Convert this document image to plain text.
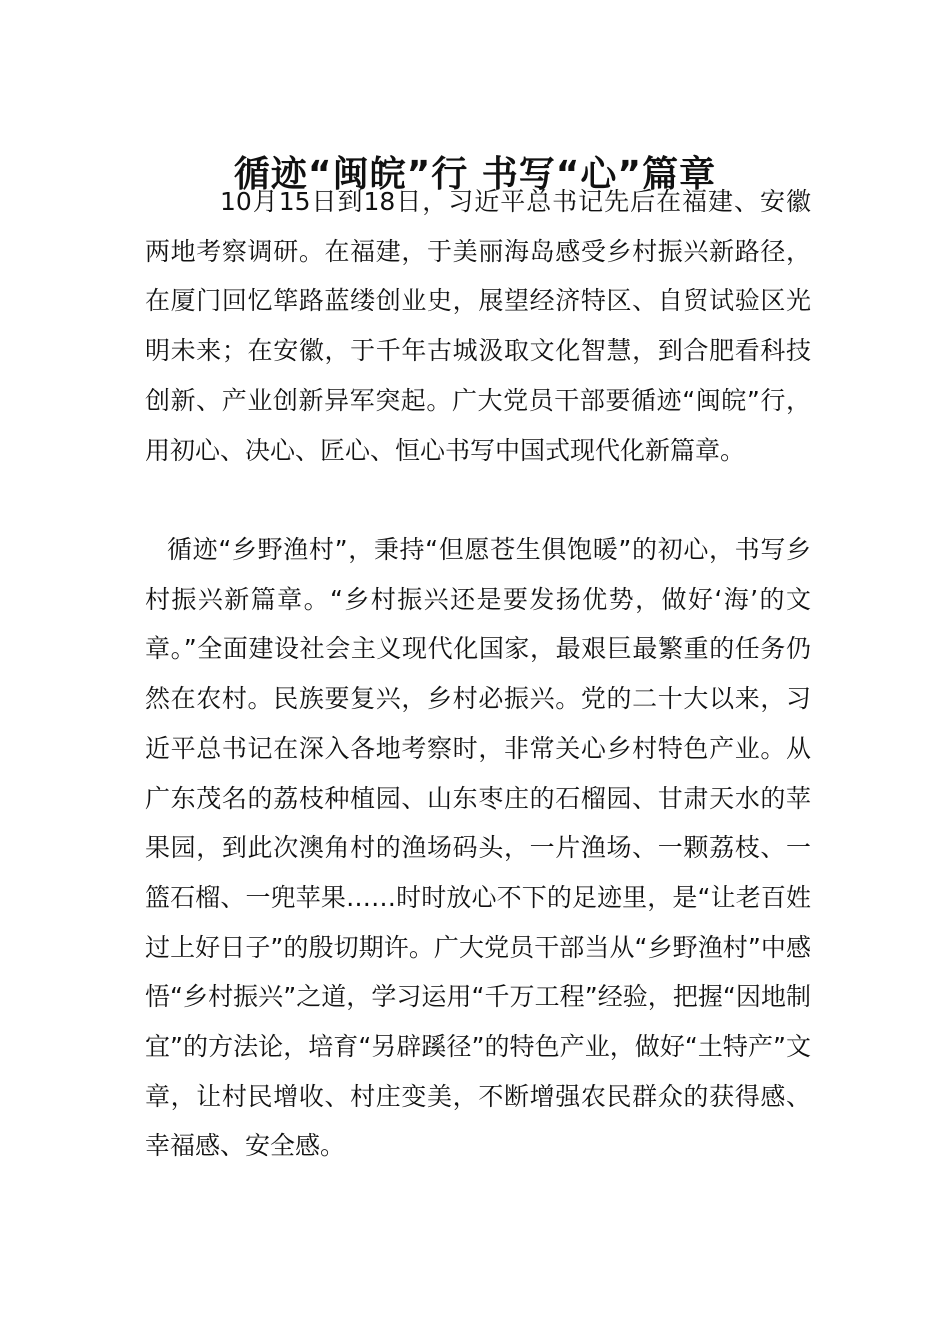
循迹“闽皖”行 书写“心”篇章

10月15日到18日，习近平总书记先后在福建、安徽两地考察调研。在福建，于美丽海岛感受乡村振兴新路径，在厦门回忆筚路蓝缕创业史，展望经济特区、自贸试验区光明未来；在安徽，于千年古城汲取文化智慧，到合肥看科技创新、产业创新异军突起。广大党员干部要循迹“闽皖”行，用初心、决心、匠心、恒心书写中国式现代化新篇章。

循迹“乡野渔村”，秉持“但愿苍生俱饱暖”的初心，书写乡村振兴新篇章。“乡村振兴还是要发扬优势，做好‘海’的文章。”全面建设社会主义现代化国家，最艰巨最繁重的任务仍然在农村。民族要复兴，乡村必振兴。党的二十大以来，习近平总书记在深入各地考察时，非常关心乡村特色产业。从广东茂名的荔枝种植园、山东枣庄的石榴园、甘肃天水的苹果园，到此次澳角村的渔场码头，一片渔场、一颗荔枝、一篮石榴、一兜苹果……时时放心不下的足迹里，是“让老百姓过上好日子”的殷切期许。广大党员干部当从“乡野渔村”中感悟“乡村振兴”之道，学习运用“千万工程”经验，把握“因地制宜”的方法论，培育“另辟蹊径”的特色产业，做好“土特产”文章，让村民增收、村庄变美，不断增强农民群众的获得感、幸福感、安全感。
